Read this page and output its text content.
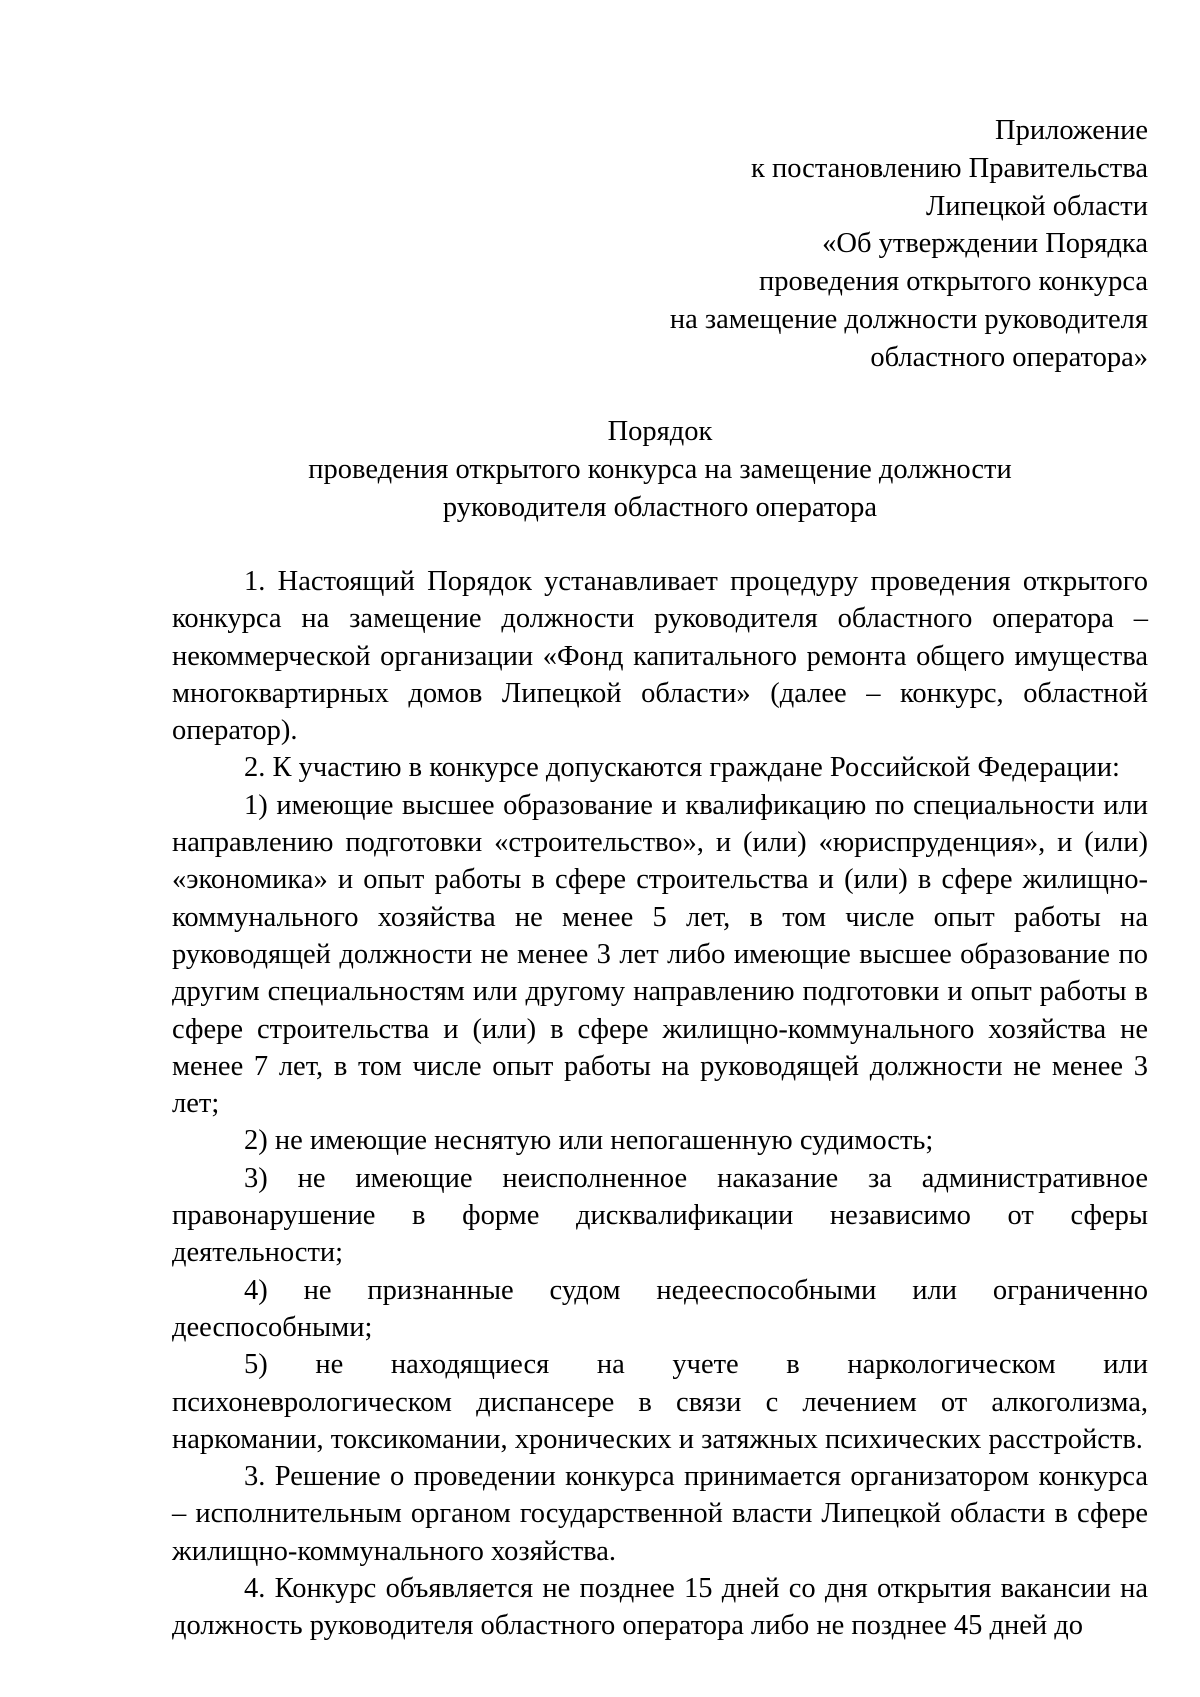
Приложение
к постановлению Правительства
Липецкой области
«Об утверждении Порядка
проведения открытого конкурса
на замещение должности руководителя
областного оператора»
Порядок
проведения открытого конкурса на замещение должности
руководителя областного оператора

1. Настоящий Порядок устанавливает процедуру проведения открытого конкурса на замещение должности руководителя областного оператора – некоммерческой организации «Фонд капитального ремонта общего имущества многоквартирных домов Липецкой области» (далее – конкурс, областной оператор).

2. К участию в конкурсе допускаются граждане Российской Федерации:

1) имеющие высшее образование и квалификацию по специальности или направлению подготовки «строительство», и (или) «юриспруденция», и (или) «экономика» и опыт работы в сфере строительства и (или) в сфере жилищно-коммунального хозяйства не менее 5 лет, в том числе опыт работы на руководящей должности не менее 3 лет либо имеющие высшее образование по другим специальностям или другому направлению подготовки и опыт работы в сфере строительства и (или) в сфере жилищно-коммунального хозяйства не менее 7 лет, в том числе опыт работы на руководящей должности не менее 3 лет;

2) не имеющие неснятую или непогашенную судимость;

3) не имеющие неисполненное наказание за административное правонарушение в форме дисквалификации независимо от сферы деятельности;

4) не признанные судом недееспособными или ограниченно дееспособными;

5) не находящиеся на учете в наркологическом или психоневрологическом диспансере в связи с лечением от алкоголизма, наркомании, токсикомании, хронических и затяжных психических расстройств.

3. Решение о проведении конкурса принимается организатором конкурса – исполнительным органом государственной власти Липецкой области в сфере жилищно-коммунального хозяйства.

4. Конкурс объявляется не позднее 15 дней со дня открытия вакансии на должность руководителя областного оператора либо не позднее 45 дней до
